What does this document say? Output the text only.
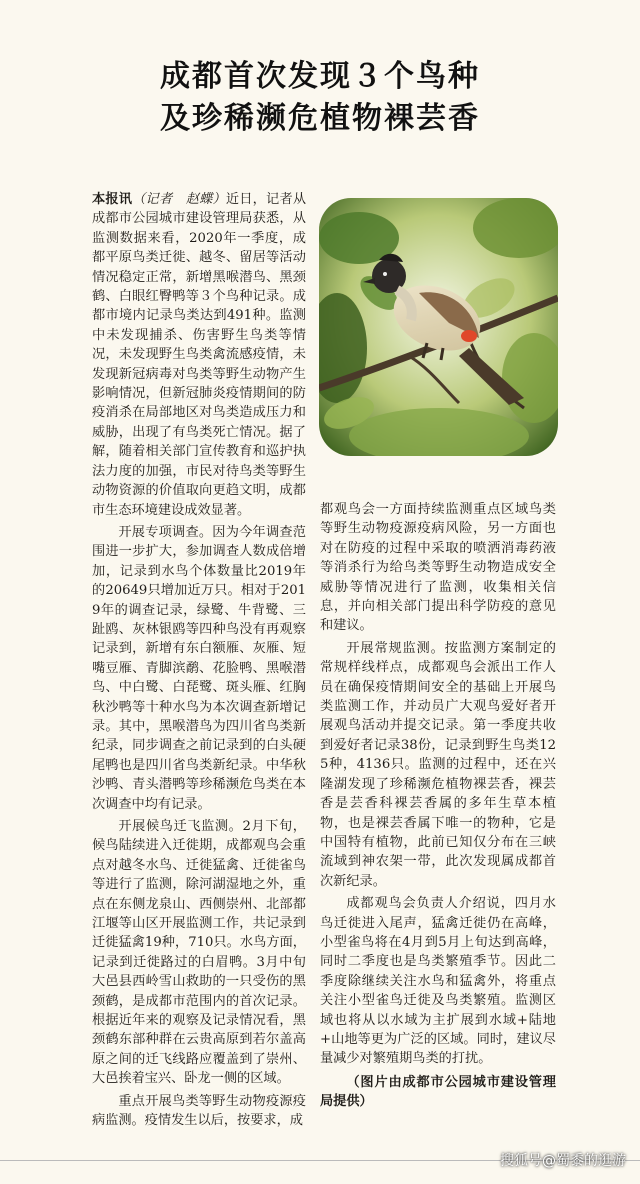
成都首次发现３个鸟种
及珍稀濒危植物裸芸香

本报讯（记者　赵蝶）近日，记者从成都市公园城市建设管理局获悉，从监测数据来看，2020年一季度，成都平原鸟类迁徙、越冬、留居等活动情况稳定正常，新增黑喉潜鸟、黑颈鹤、白眼红臀鸭等３个鸟种记录。成都市境内记录鸟类达到491种。监测中未发现捕杀、伤害野生鸟类等情况，未发现野生鸟类禽流感疫情，未发现新冠病毒对鸟类等野生动物产生影响情况，但新冠肺炎疫情期间的防疫消杀在局部地区对鸟类造成压力和威胁，出现了有鸟类死亡情况。据了解，随着相关部门宣传教育和巡护执法力度的加强，市民对待鸟类等野生动物资源的价值取向更趋文明，成都市生态环境建设成效显著。

开展专项调查。因为今年调查范围进一步扩大，参加调查人数成倍增加，记录到水鸟个体数量比2019年的20649只增加近万只。相对于2019年的调查记录，绿鹭、牛背鹭、三趾鸥、灰林银鸥等四种鸟没有再观察记录到，新增有东白额雁、灰雁、短嘴豆雁、青脚滨鹬、花脸鸭、黑喉潜鸟、中白鹭、白琵鹭、斑头雁、红胸秋沙鸭等十种水鸟为本次调查新增记录。其中，黑喉潜鸟为四川省鸟类新纪录，同步调查之前记录到的白头硬尾鸭也是四川省鸟类新纪录。中华秋沙鸭、青头潜鸭等珍稀濒危鸟类在本次调查中均有记录。

开展候鸟迁飞监测。2月下旬，候鸟陆续进入迁徙期，成都观鸟会重点对越冬水鸟、迁徙猛禽、迁徙雀鸟等进行了监测，除河湖湿地之外，重点在东侧龙泉山、西侧崇州、北部都江堰等山区开展监测工作，共记录到迁徙猛禽19种，710只。水鸟方面，记录到迁徙路过的白眉鸭。3月中旬大邑县西岭雪山救助的一只受伤的黑颈鹤，是成都市范围内的首次记录。根据近年来的观察及记录情况看，黑颈鹤东部种群在云贵高原到若尔盖高原之间的迁飞线路应覆盖到了崇州、大邑挨着宝兴、卧龙一侧的区域。

重点开展鸟类等野生动物疫源疫病监测。疫情发生以后，按要求，成

都观鸟会一方面持续监测重点区域鸟类等野生动物疫源疫病风险，另一方面也对在防疫的过程中采取的喷洒消毒药液等消杀行为给鸟类等野生动物造成安全威胁等情况进行了监测，收集相关信息，并向相关部门提出科学防疫的意见和建议。

开展常规监测。按监测方案制定的常规样线样点，成都观鸟会派出工作人员在确保疫情期间安全的基础上开展鸟类监测工作，并动员广大观鸟爱好者开展观鸟活动并提交记录。第一季度共收到爱好者记录38份，记录到野生鸟类125种，4136只。监测的过程中，还在兴隆湖发现了珍稀濒危植物裸芸香，裸芸香是芸香科裸芸香属的多年生草本植物，也是裸芸香属下唯一的物种，它是中国特有植物，此前已知仅分布在三峡流域到神农架一带，此次发现属成都首次新纪录。

成都观鸟会负责人介绍说，四月水鸟迁徙进入尾声，猛禽迁徙仍在高峰，小型雀鸟将在4月到5月上旬达到高峰，同时二季度也是鸟类繁殖季节。因此二季度除继续关注水鸟和猛禽外，将重点关注小型雀鸟迁徙及鸟类繁殖。监测区域也将从以水域为主扩展到水域+陆地+山地等更为广泛的区域。同时，建议尽量减少对繁殖期鸟类的打扰。

（图片由成都市公园城市建设管理局提供）
搜狐号@蜀黍的逛游
